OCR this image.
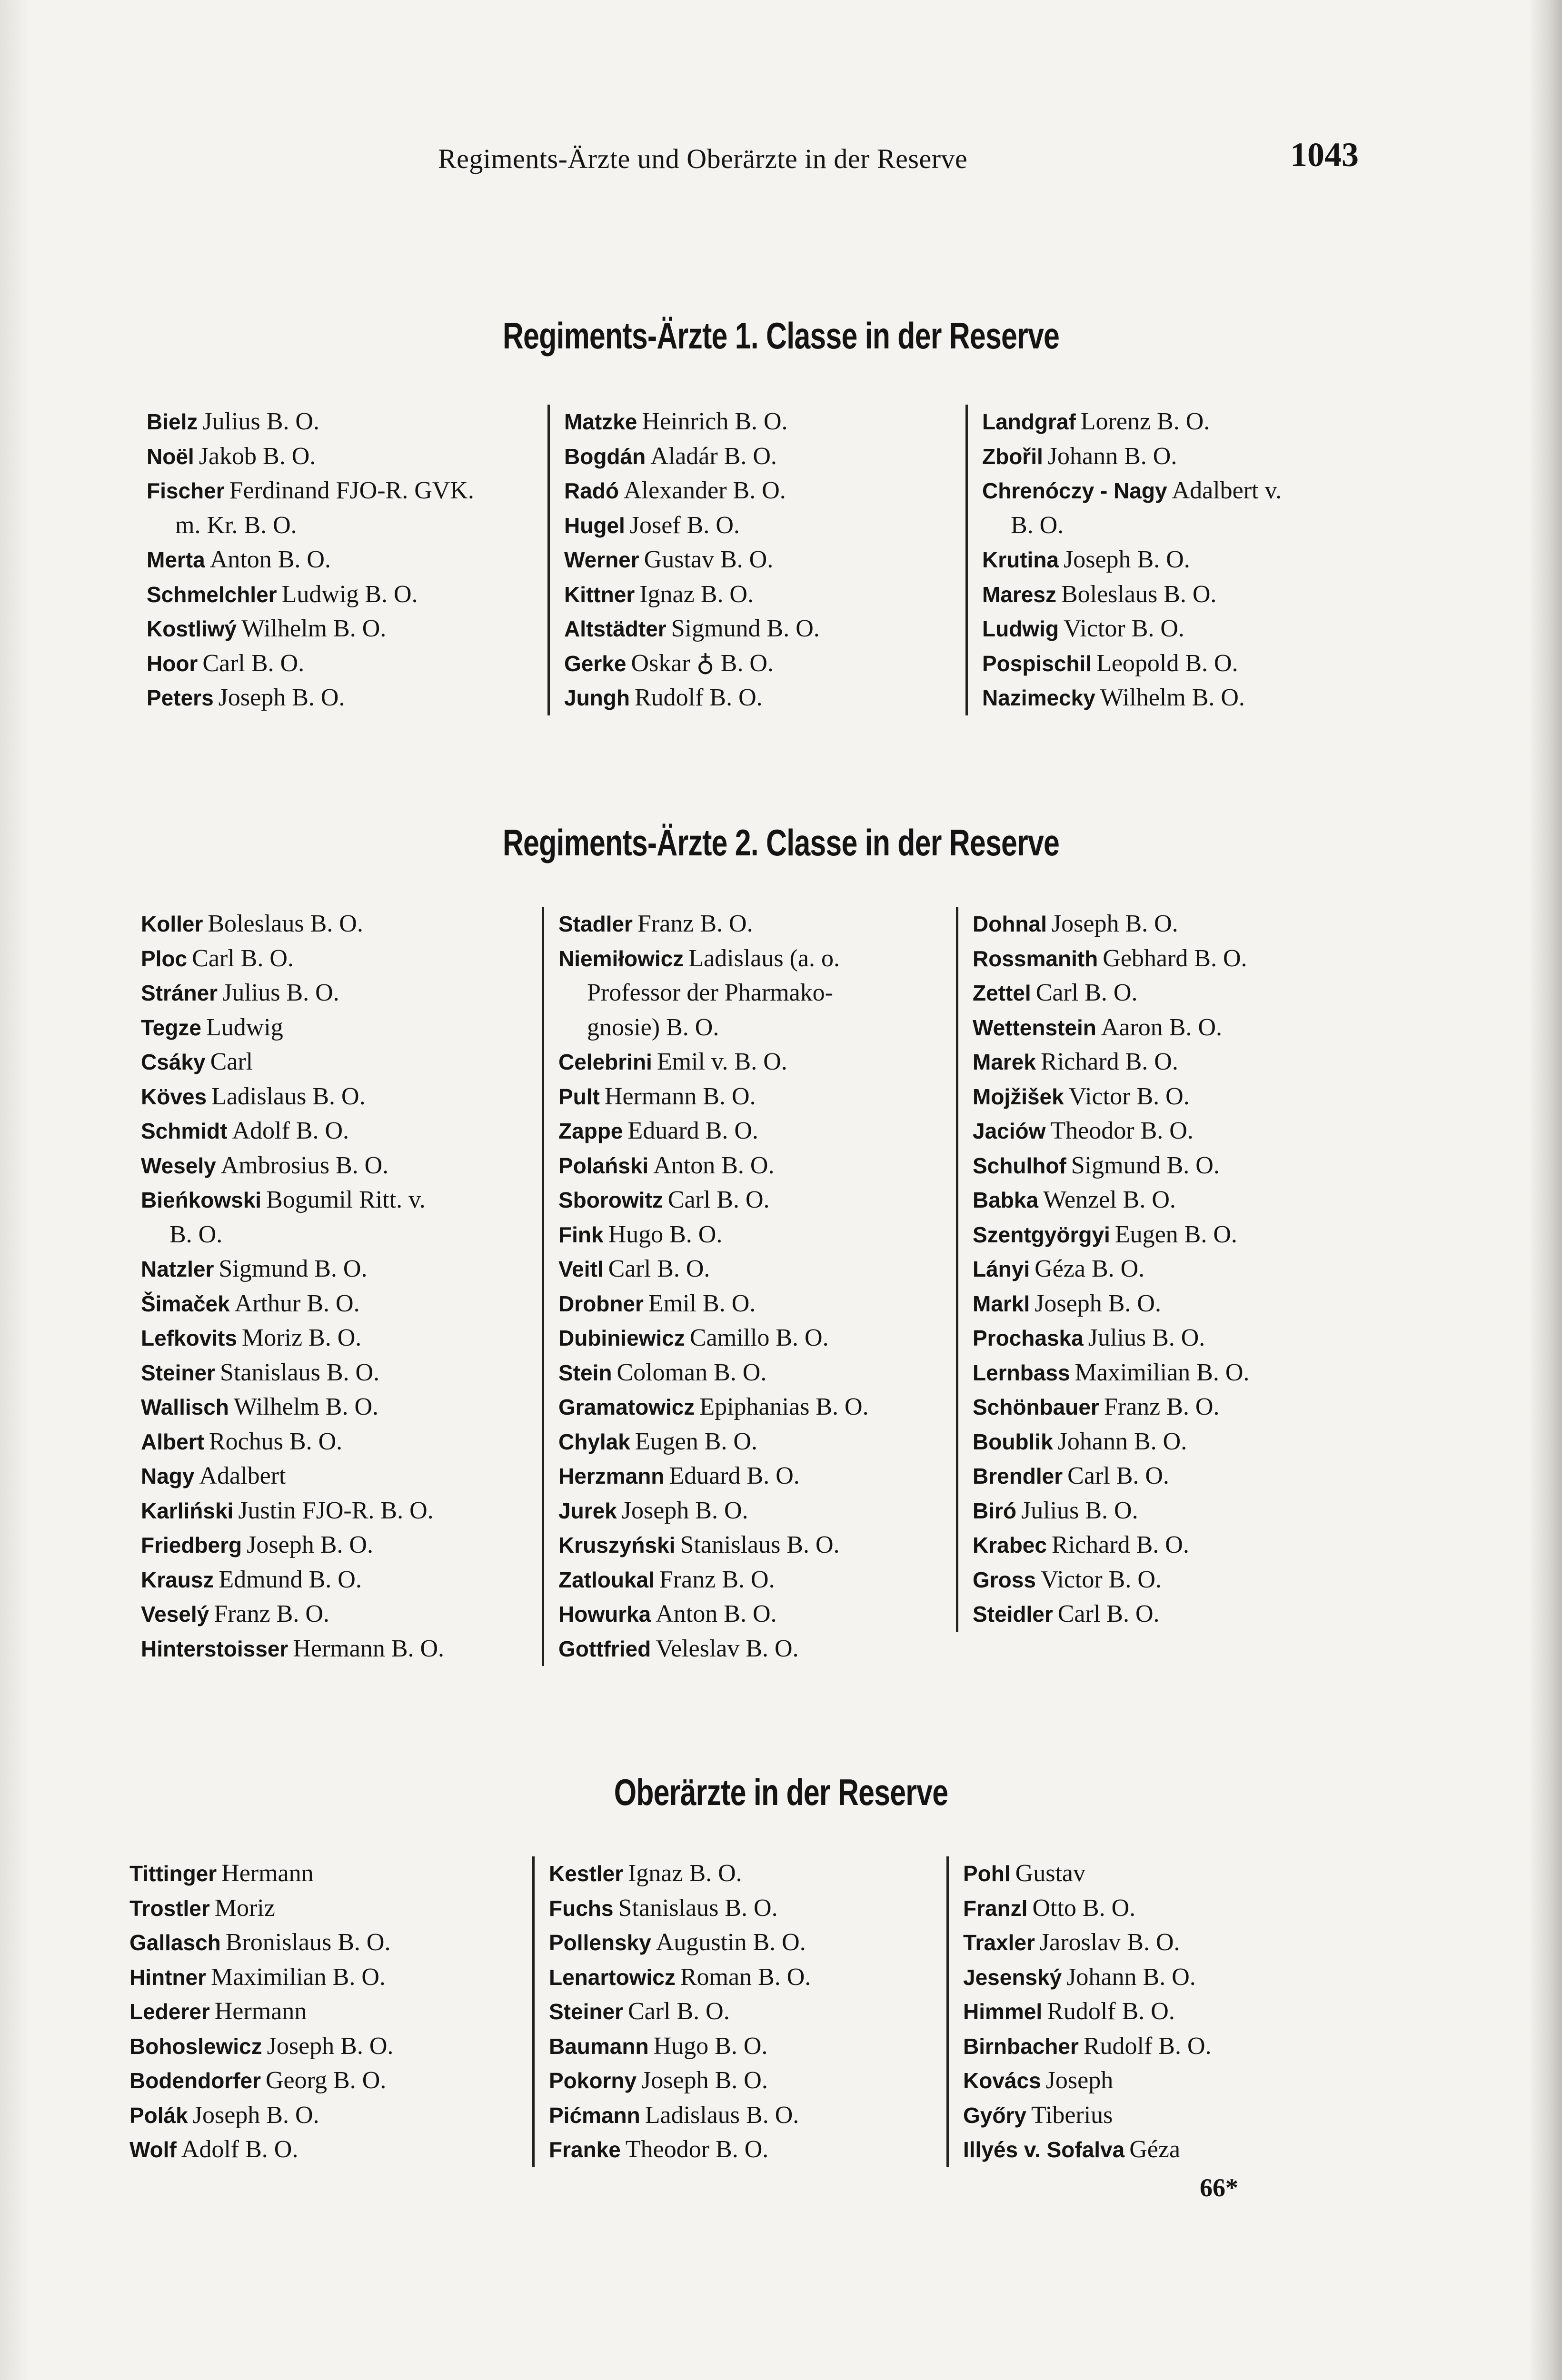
Regiments-Ärzte und Oberärzte in der Reserve	1043
Regiments-Ärzte 1. Classe in der Reserve
Bielz Julius B. O.
Noël Jakob B. O.
Fischer Ferdinand FJO-R. GVK.
m. Kr. B. O.
Merta Anton B. O.
Schmelchler Ludwig B. O.
Kostliwý Wilhelm B. O.
Hoor Carl B. O.
Peters Joseph B. O.
Matzke Heinrich B. O.
Bogdán Aladár B. O.
Radó Alexander B. O.
Hugel Josef B. O.
Werner Gustav B. O.
Kittner Ignaz B. O.
Altstädter Sigmund B. O.
Gerke Oskar ♁ B. O.
Jungh Rudolf B. O.
Landgraf Lorenz B. O.
Zbořil Johann B. O.
Chrenóczy - Nagy Adalbert v.
B. O.
Krutina Joseph B. O.
Maresz Boleslaus B. O.
Ludwig Victor B. O.
Pospischil Leopold B. O.
Nazimecky Wilhelm B. O.
Regiments-Ärzte 2. Classe in der Reserve
Koller Boleslaus B. O.
Ploc Carl B. O.
Stráner Julius B. O.
Tegze Ludwig
Csáky Carl
Köves Ladislaus B. O.
Schmidt Adolf B. O.
Wesely Ambrosius B. O.
Bieńkowski Bogumil Ritt. v.
B. O.
Natzler Sigmund B. O.
Šimaček Arthur B. O.
Lefkovits Moriz B. O.
Steiner Stanislaus B. O.
Wallisch Wilhelm B. O.
Albert Rochus B. O.
Nagy Adalbert
Karliński Justin FJO-R. B. O.
Friedberg Joseph B. O.
Krausz Edmund B. O.
Veselý Franz B. O.
Hinterstoisser Hermann B. O.
Stadler Franz B. O.
Niemiłowicz Ladislaus (a. o.
Professor der Pharmako-
gnosie) B. O.
Celebrini Emil v. B. O.
Pult Hermann B. O.
Zappe Eduard B. O.
Polański Anton B. O.
Sborowitz Carl B. O.
Fink Hugo B. O.
Veitl Carl B. O.
Drobner Emil B. O.
Dubiniewicz Camillo B. O.
Stein Coloman B. O.
Gramatowicz Epiphanias B. O.
Chylak Eugen B. O.
Herzmann Eduard B. O.
Jurek Joseph B. O.
Kruszyński Stanislaus B. O.
Zatloukal Franz B. O.
Howurka Anton B. O.
Gottfried Veleslav B. O.
Dohnal Joseph B. O.
Rossmanith Gebhard B. O.
Zettel Carl B. O.
Wettenstein Aaron B. O.
Marek Richard B. O.
Mojžišek Victor B. O.
Jaciów Theodor B. O.
Schulhof Sigmund B. O.
Babka Wenzel B. O.
Szentgyörgyi Eugen B. O.
Lányi Géza B. O.
Markl Joseph B. O.
Prochaska Julius B. O.
Lernbass Maximilian B. O.
Schönbauer Franz B. O.
Boublik Johann B. O.
Brendler Carl B. O.
Biró Julius B. O.
Krabec Richard B. O.
Gross Victor B. O.
Steidler Carl B. O.
Oberärzte in der Reserve
Tittinger Hermann
Trostler Moriz
Gallasch Bronislaus B. O.
Hintner Maximilian B. O.
Lederer Hermann
Bohoslewicz Joseph B. O.
Bodendorfer Georg B. O.
Polák Joseph B. O.
Wolf Adolf B. O.
Kestler Ignaz B. O.
Fuchs Stanislaus B. O.
Pollensky Augustin B. O.
Lenartowicz Roman B. O.
Steiner Carl B. O.
Baumann Hugo B. O.
Pokorny Joseph B. O.
Pićmann Ladislaus B. O.
Franke Theodor B. O.
Pohl Gustav
Franzl Otto B. O.
Traxler Jaroslav B. O.
Jesenský Johann B. O.
Himmel Rudolf B. O.
Birnbacher Rudolf B. O.
Kovács Joseph
Győry Tiberius
Illyés v. Sofalva Géza
66*
